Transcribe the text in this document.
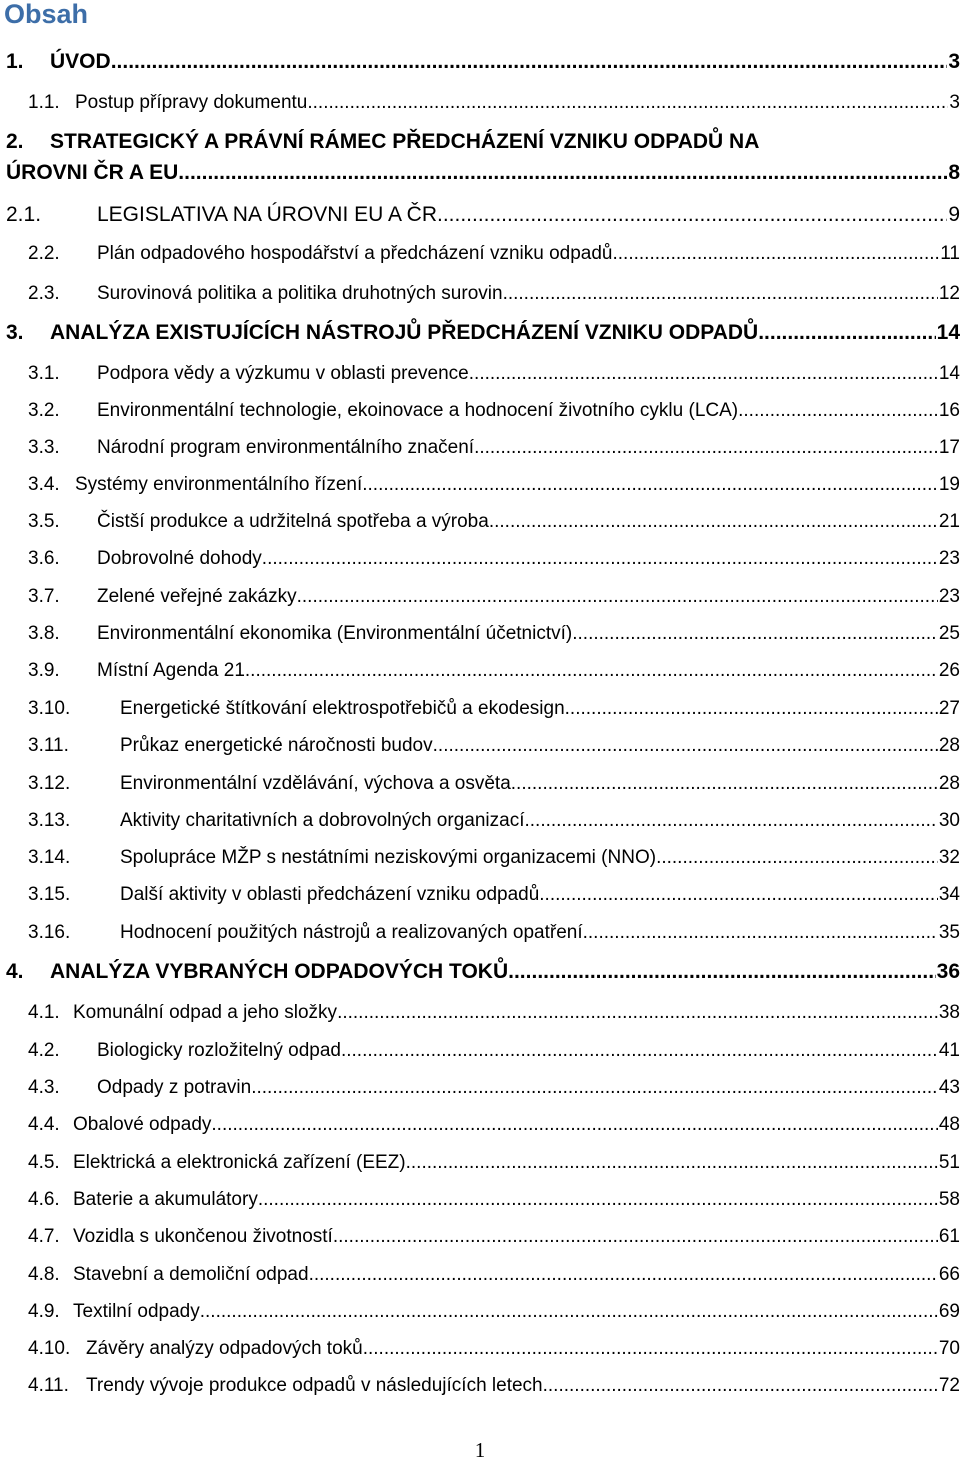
Obsah
1. ÚVOD .....	3
1.1. Postup přípravy dokumentu .....	3
2. STRATEGICKÝ A PRÁVNÍ RÁMEC PŘEDCHÁZENÍ VZNIKU ODPADŮ NA
ÚROVNI ČR A EU .....	8
2.1.	LEGISLATIVA NA ÚROVNI EU A ČR .....	9
2.2. Plán odpadového hospodářství a předcházení vzniku odpadů .....	11
2.3. Surovinová politika a politika druhotných surovin .....	12
3. ANALÝZA EXISTUJÍCÍCH NÁSTROJŮ PŘEDCHÁZENÍ VZNIKU ODPADŮ .....	14
3.1. Podpora vědy a výzkumu v oblasti prevence .....	14
3.2. Environmentální technologie, ekoinovace a hodnocení životního cyklu (LCA) .....	16
3.3. Národní program environmentálního značení .....	17
3.4. Systémy environmentálního řízení .....	19
3.5. Čistší produkce a udržitelná spotřeba a výroba .....	21
3.6. Dobrovolné dohody .....	23
3.7. Zelené veřejné zakázky .....	23
3.8. Environmentální ekonomika (Environmentální účetnictví) .....	25
3.9. Místní Agenda 21 .....	26
3.10.	Energetické štítkování elektrospotřebičů a ekodesign .....	27
3.11.	Průkaz energetické náročnosti budov .....	28
3.12.	Environmentální vzdělávání, výchova a osvěta .....	28
3.13.	Aktivity charitativních a dobrovolných organizací .....	30
3.14.	Spolupráce MŽP s nestátními neziskovými organizacemi (NNO) .....	32
3.15.	Další aktivity v oblasti předcházení vzniku odpadů .....	34
3.16.	Hodnocení použitých nástrojů a realizovaných opatření .....	35
4. ANALÝZA VYBRANÝCH ODPADOVÝCH TOKŮ .....	36
4.1. Komunální odpad a jeho složky .....	38
4.2. Biologicky rozložitelný odpad .....	41
4.3. Odpady z potravin .....	43
4.4. Obalové odpady .....	48
4.5. Elektrická a elektronická zařízení (EEZ) .....	51
4.6. Baterie a akumulátory .....	58
4.7. Vozidla s ukončenou životností .....	61
4.8. Stavební a demoliční odpad .....	66
4.9. Textilní odpady .....	69
4.10. Závěry analýzy odpadových toků .....	70
4.11. Trendy vývoje produkce odpadů v následujících letech .....	72
1
